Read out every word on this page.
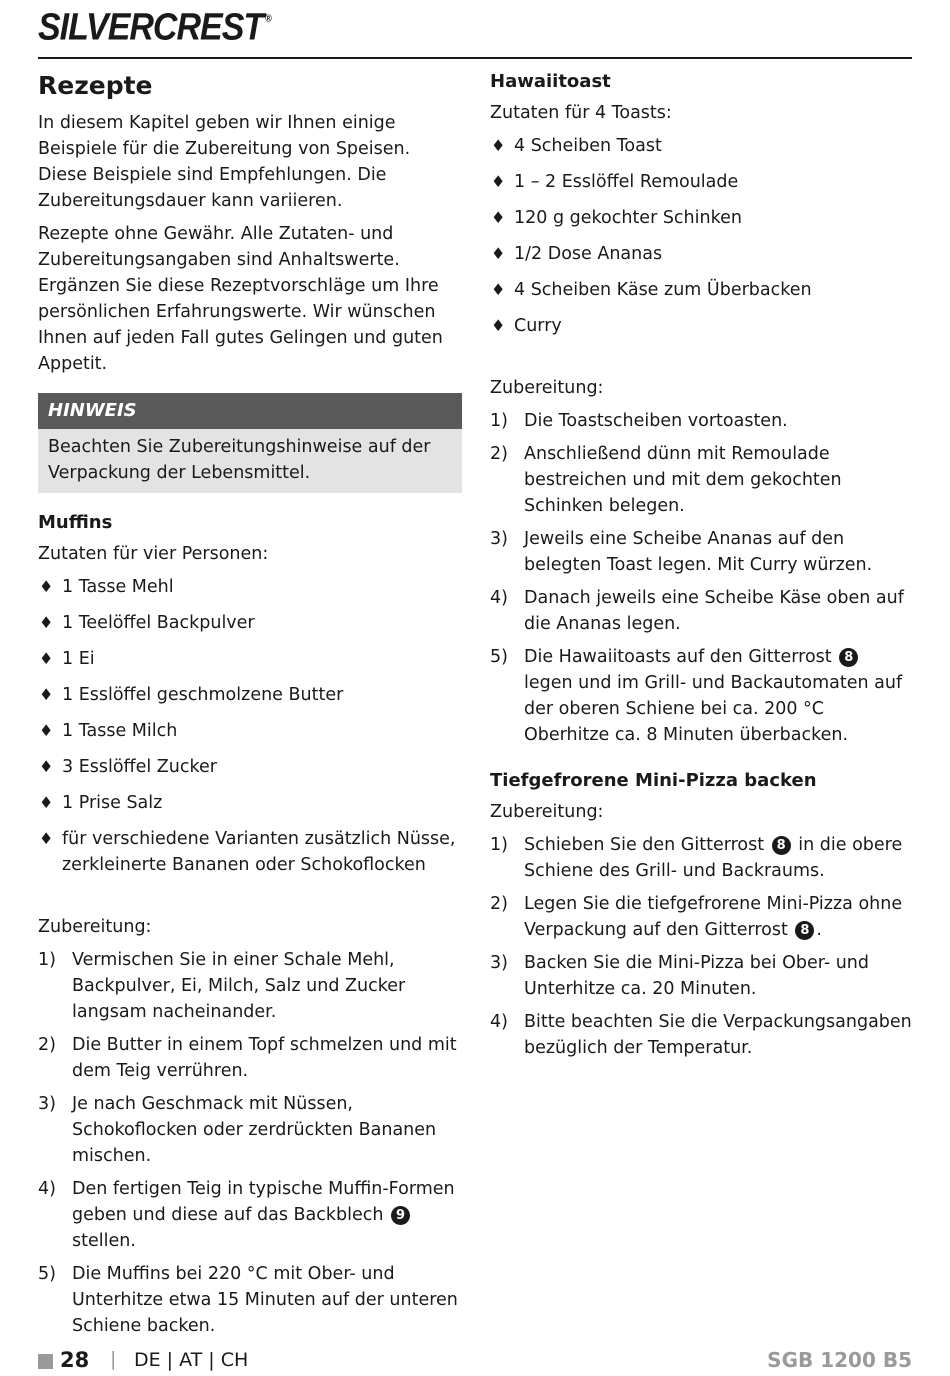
SILVERCREST ®
Rezepte

In diesem Kapitel geben wir Ihnen einige Beispiele für die Zubereitung von Speisen. Diese Beispiele sind Empfehlungen. Die Zubereitungsdauer kann variieren.

Rezepte ohne Gewähr. Alle Zutaten- und Zubereitungsangaben sind Anhaltswerte. Ergänzen Sie diese Rezeptvorschläge um Ihre persönlichen Erfahrungswerte. Wir wünschen Ihnen auf jeden Fall gutes Gelingen und guten Appetit.

HINWEIS
Beachten Sie Zubereitungshinweise auf der Verpackung der Lebensmittel.
Muffins

Zutaten für vier Personen:

♦ 1 Tasse Mehl
♦ 1 Teelöffel Backpulver
♦ 1 Ei
♦ 1 Esslöffel geschmolzene Butter
♦ 1 Tasse Milch
♦ 3 Esslöffel Zucker
♦ 1 Prise Salz
♦ für verschiedene Varianten zusätzlich Nüsse, zerkleinerte Bananen oder Schokoflocken

Zubereitung:

1) Vermischen Sie in einer Schale Mehl, Backpulver, Ei, Milch, Salz und Zucker langsam nacheinander.
2) Die Butter in einem Topf schmelzen und mit dem Teig verrühren.
3) Je nach Geschmack mit Nüssen, Schokoflocken oder zerdrückten Bananen mischen.
4) Den fertigen Teig in typische Muffin-Formen geben und diese auf das Backblech 9 stellen.
5) Die Muffins bei 220 °C mit Ober- und Unterhitze etwa 15 Minuten auf der unteren Schiene backen.
Hawaiitoast

Zutaten für 4 Toasts:

♦ 4 Scheiben Toast
♦ 1 – 2 Esslöffel Remoulade
♦ 120 g gekochter Schinken
♦ 1/2 Dose Ananas
♦ 4 Scheiben Käse zum Überbacken
♦ Curry

Zubereitung:

1) Die Toastscheiben vortoasten.
2) Anschließend dünn mit Remoulade bestreichen und mit dem gekochten Schinken belegen.
3) Jeweils eine Scheibe Ananas auf den belegten Toast legen. Mit Curry würzen.
4) Danach jeweils eine Scheibe Käse oben auf die Ananas legen.
5) Die Hawaiitoasts auf den Gitterrost 8 legen und im Grill- und Backautomaten auf der oberen Schiene bei ca. 200 °C Oberhitze ca. 8 Minuten überbacken.
Tiefgefrorene Mini-Pizza backen

Zubereitung:

1) Schieben Sie den Gitterrost 8 in die obere Schiene des Grill- und Backraums.
2) Legen Sie die tiefgefrorene Mini-Pizza ohne Verpackung auf den Gitterrost 8 .
3) Backen Sie die Mini-Pizza bei Ober- und Unterhitze ca. 20 Minuten.
4) Bitte beachten Sie die Verpackungsangaben bezüglich der Temperatur.
28 | DE | AT | CH	SGB 1200 B5
